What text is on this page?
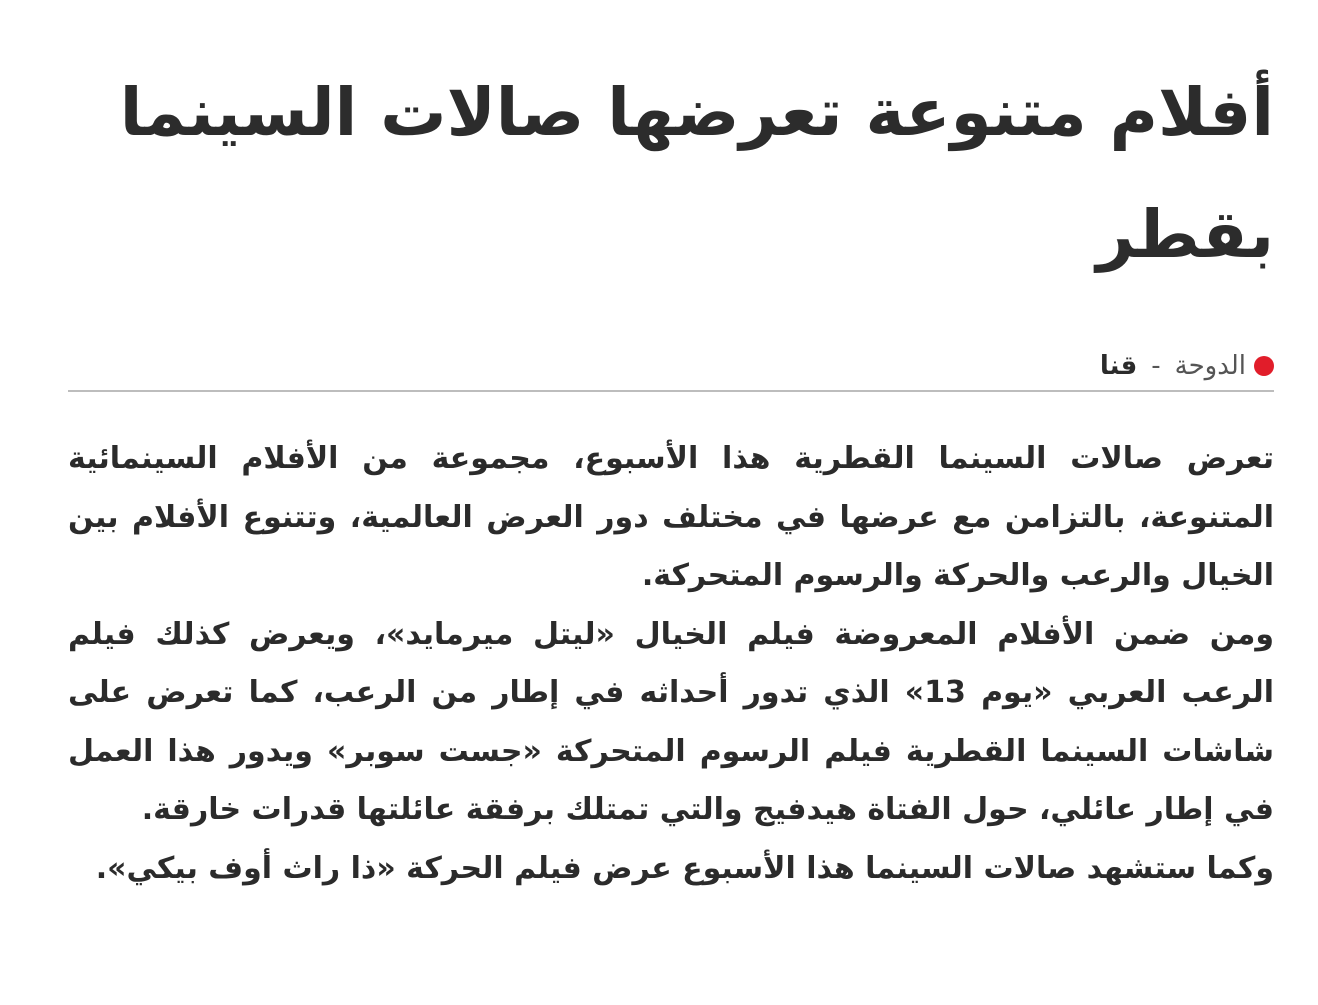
أفلام متنوعة تعرضها صالات السينما بقطر
الدوحة
-
قنا

تعرض صالات السينما القطرية هذا الأسبوع، مجموعة من الأفلام السينمائية المتنوعة، بالتزامن مع عرضها في مختلف دور العرض العالمية، وتتنوع الأفلام بين الخيال والرعب والحركة والرسوم المتحركة.

ومن ضمن الأفلام المعروضة فيلم الخيال «ليتل ميرمايد»، ويعرض كذلك فيلم الرعب العربي «يوم 13» الذي تدور أحداثه في إطار من الرعب، كما تعرض على شاشات السينما القطرية فيلم الرسوم المتحركة «جست سوبر» ويدور هذا العمل في إطار عائلي، حول الفتاة هيدفيج والتي تمتلك برفقة عائلتها قدرات خارقة.

وكما ستشهد صالات السينما هذا الأسبوع عرض فيلم الحركة «ذا راث أوف بيكي».
